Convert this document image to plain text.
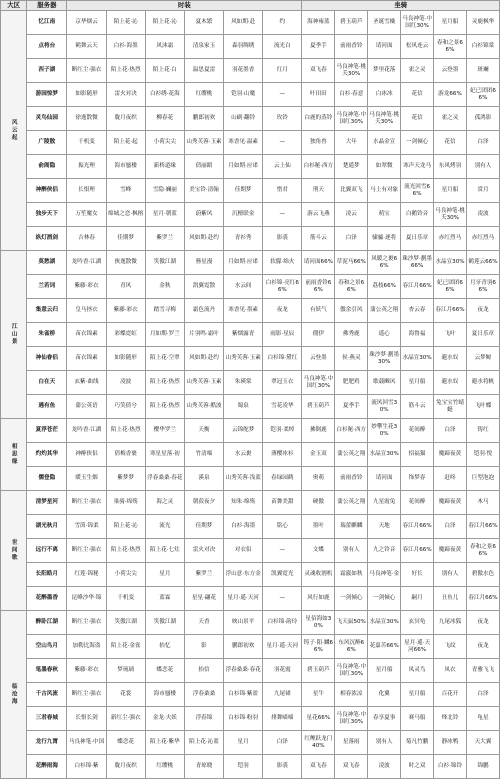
大区	服务器	时装						坐骑					
风云起	忆江南	京华烟云	陌上花·沁	陌上花·沁	夏木繁	风如期·赴	约	海神雍蓝	碧玉葫芦	圣诞雪橇	马良神笔·中国红30%	星月船	灵鹿枫华
	点将台	鹤舞云天	白衫·海墨	风沐霜	清泉家玉	森羽绸绣	流光白	夏季手	前雨香铃	请河面	松风连云	春和之景66%	白衫锦棠
	西子湖	断红尘·强衣	陌上花·热烈	陌上花·白	温思夏雷	羽花墨香	红月	双飞春	马良神笔·桃夭30%	梦里花落	雀之灵	云登墨	斑斓
	游园惊梦	如影随形	雷火对决	白衫绣·花海	红缨桃	铠羽·山魔	—	叶田田	白衫·春意	白冰冰	花信	游龙66%	妃已团团66%
	灵鸟仙园	徐逸散微	胧月夜织	柳春花	鹏郎初欢	山刷·翻铃	玫铃	白鹿的蒸铃	马良神笔·中国红30%	马良神笔·桃夭30%	花信	雀之灵	孤鸿影
	广陵散	千机变	陌上花·起	小荷尖尖	山秀芙蓉·玉素	寒香见·温素	—	独角兽	大年	水晶金宣	一剑倾心	花信	白泽
	俞阁隐	振光理	海市蜃楼	新桥道缘	倩丽蹈	月如期·应诺	云上仙	白衫秘·西方	楚遥梦	如翠微	寒声天龙马	东风烤羽	别有人
	神醉侠侣	长恨理	雪峰	雪隐·斓丽	美宝铃·清翰	佳期梦	惜君	刑天	比翼双飞	马上有对象	流光回雪66%	星月船	赏月
	独步天下	万笙魔女	绵城之恋·枫榕	星月·朝蓝	蔚紫风	沉檀联金	—	游云飞燕	凌云	萌宝	白鹅铃音	马良神笔·桃夭30%	凌波
	纵灯酒剑	吉林春	佳期梦	紫罗兰	风如期·赴约	青衫秀	影裘	筋斗云	白泽	骕骦·逐将	夏日乐章	赤红烈马	赤红烈马
江山景	莫愁湖	龙吟香·江湖	俠逸散微	笑傲江湖	簪星漫	月如期·应诺	软朦·绵火	请河面66%	草泥马66%	风暖之裹66%	珠沙梦·劃墨66%	水晶宣30%	鹤莲云66%
	兰若词	紫藤·彩衣	青风	金秋	凯翼霓散	水云间	白衫锦·亮红66%	前雨香铃66%	春和之景66%	荔枝66%	春江月66%	妃已团团66%	月牙青羽66%
	集意云归	皇马拯衣	紫藤·彩衣	踏雪寻梅	霜色流丹	寒香见·墨素	夜龙	有妖气	傲余引风	蒲公英之翔	杏云春	春江月66%	夜龙
	朱雀桥	苗衣锦素	彩蝶霓虹	月如期·罗兰	片羽鸣·霜叶	紫烟露青	雨影·星辰	僵伊	佛秀鹿	遥心	海鲁福	飞叶	夏日乐章
	神仙眷侣	苗衣锦素	如影随形	陌上花·空翠	风如期·赴约	山秀芙蓉·玉素	白衫锦·黛红	云登墨	侯·燕灵	珠沙梦·劃墨30%	水晶宣30%	避水奴	云梦鲸
	白在天	玄紫·曲线	凌波	陌上花·热烈	山秀芙蓉·玉素	朱瑛棠	翠冠玉衣	马良神笔·中国红30%	肥肥鸡	歌载豳风	星月船	避水奴	避水将帆
	遇有鱼	蒲公英语	巧笑倩兮	陌上花·热烈	山秀芙蓉·酷波	蜀泉	雪花凌华	碧玉葫芦	夏季手	流风回雪30%	筋斗云	兔宝宝竹蜻蜓	飞叶蝶
相思缘	夏浮苍茫	龙吟香·江湖	陌上花·热烈	樱华罗兰	天衡	云锦舵梦	铠羽·柔绰	拂倒鹿	白衫秘·西方	妙攀生花30%	花间醉	白泽	铸红
	灼灼其华	神醉侠侣	倩梅香裹	寒星星落·初	竹清喵	水云裹	薄樱冰衫	金玉双	蒲公英之翔	水晶宣30%	招福猫	魔蹄夜黄	铠羽·悦
	儒登隐	暖玉生烟	紫梦梦	浮春桑桑·春花	溪泉	山秀芙蓉·浅蓝	春绿园鹤	奥萌	前雨香铃	请河面	饰梦春	赶咚	巨型泡泡
世间歌	清梦星河	断红尘·强衣	巢骑·绵殇	海之灵	朝菽夜夕	知朱·绵殇	苗舞美甜	硬傲	蒲公英之翔	九星霞兔	花间醉	魔蹄夜黄	木马
	湖光秋月	雪茵·锦柔	陌上花·沁	流光	佳期梦	白衫·海墨	铭心	墨叶	瑞蕾麒麟	天地	春江月66%	白泽	春江月66%
	远行不离	断红尘·强衣	陌上花·热烈	陌上花·七炷	雷火对决	对衣侣	—	文蝶	别有人	九之铃音	春江月66%	魔蹄夜黄	春和之景66%
	长阳皓月	红莲·锦秘	小荷尖尖	星月	紫罗兰	浮山意·东方金	凯翼霓光	灵魂收割机	霜霰如秋	马良神笔·金	好长	别有人	碧傲水色
	花醉墨香	昆峰沙华·锦	千机变	蓝霖	星星·翩花	星月·遥·天河	—	风行如鹿	一剑倾心	一剑倾心	嗣月	丑鱼儿	春江月66%
临沧海	醉卧江湖	断红尘·强衣	笑傲江湖	笑傲江湖	天香	映山景平	白衫锦·韵玲	星佰海如30%	飞天鼠50%	水晶宣30%	玄冥龟	九尾冰狐	夜龙
	空山鸟月	加勒比海盗	陌上花·金雀	抬忆	影	鹏郎初欢	星月·遥·天河	铸子·阳·麟66%	东风沉醉66%	花嘉苦66%	星月·遥·天河66%	飞纹	夜龙
	笔墨春秋	紫藤·彩衣	梦琉璃	蝶恋花	抬信	浮春桑桑·春花	羽花霞	碧玉葫芦	马良神笔·中国红30%	星月船	凤灵鸟	凤衣	青雅飞飞
	千古风流	断红尘·强衣	花裳	海市蜃楼	浮春桑桑	白衫锦·紫盈	九尾裙	星牛	相春浓凉	化翼	星月船	百花开	白泽
	三君春城	长恨长剑	新红尘·强衣	金龙·夫妖	浮春锦	白衫锦·粉羽	排舞喵喵	星花66%	马良神笔·中国红30%	春享夏事	赛马船	烽北铃	龟星
	龙行九霄	马良神笔·中国	蝶恋花	陌上花·紫华	陌上花·沁蓝	星月	白泽	红鲤跃龙门40%	星落雨	别有人	菊凡竹鹏	静冰鸭	天大翼
	花醉雨海	白衫锦·紫	胧月夜织	红缨桃	青琼晓	铠羽	影裘	双飞春	双飞春	凌波	时之双	白衫·锦铃	锦鹏
